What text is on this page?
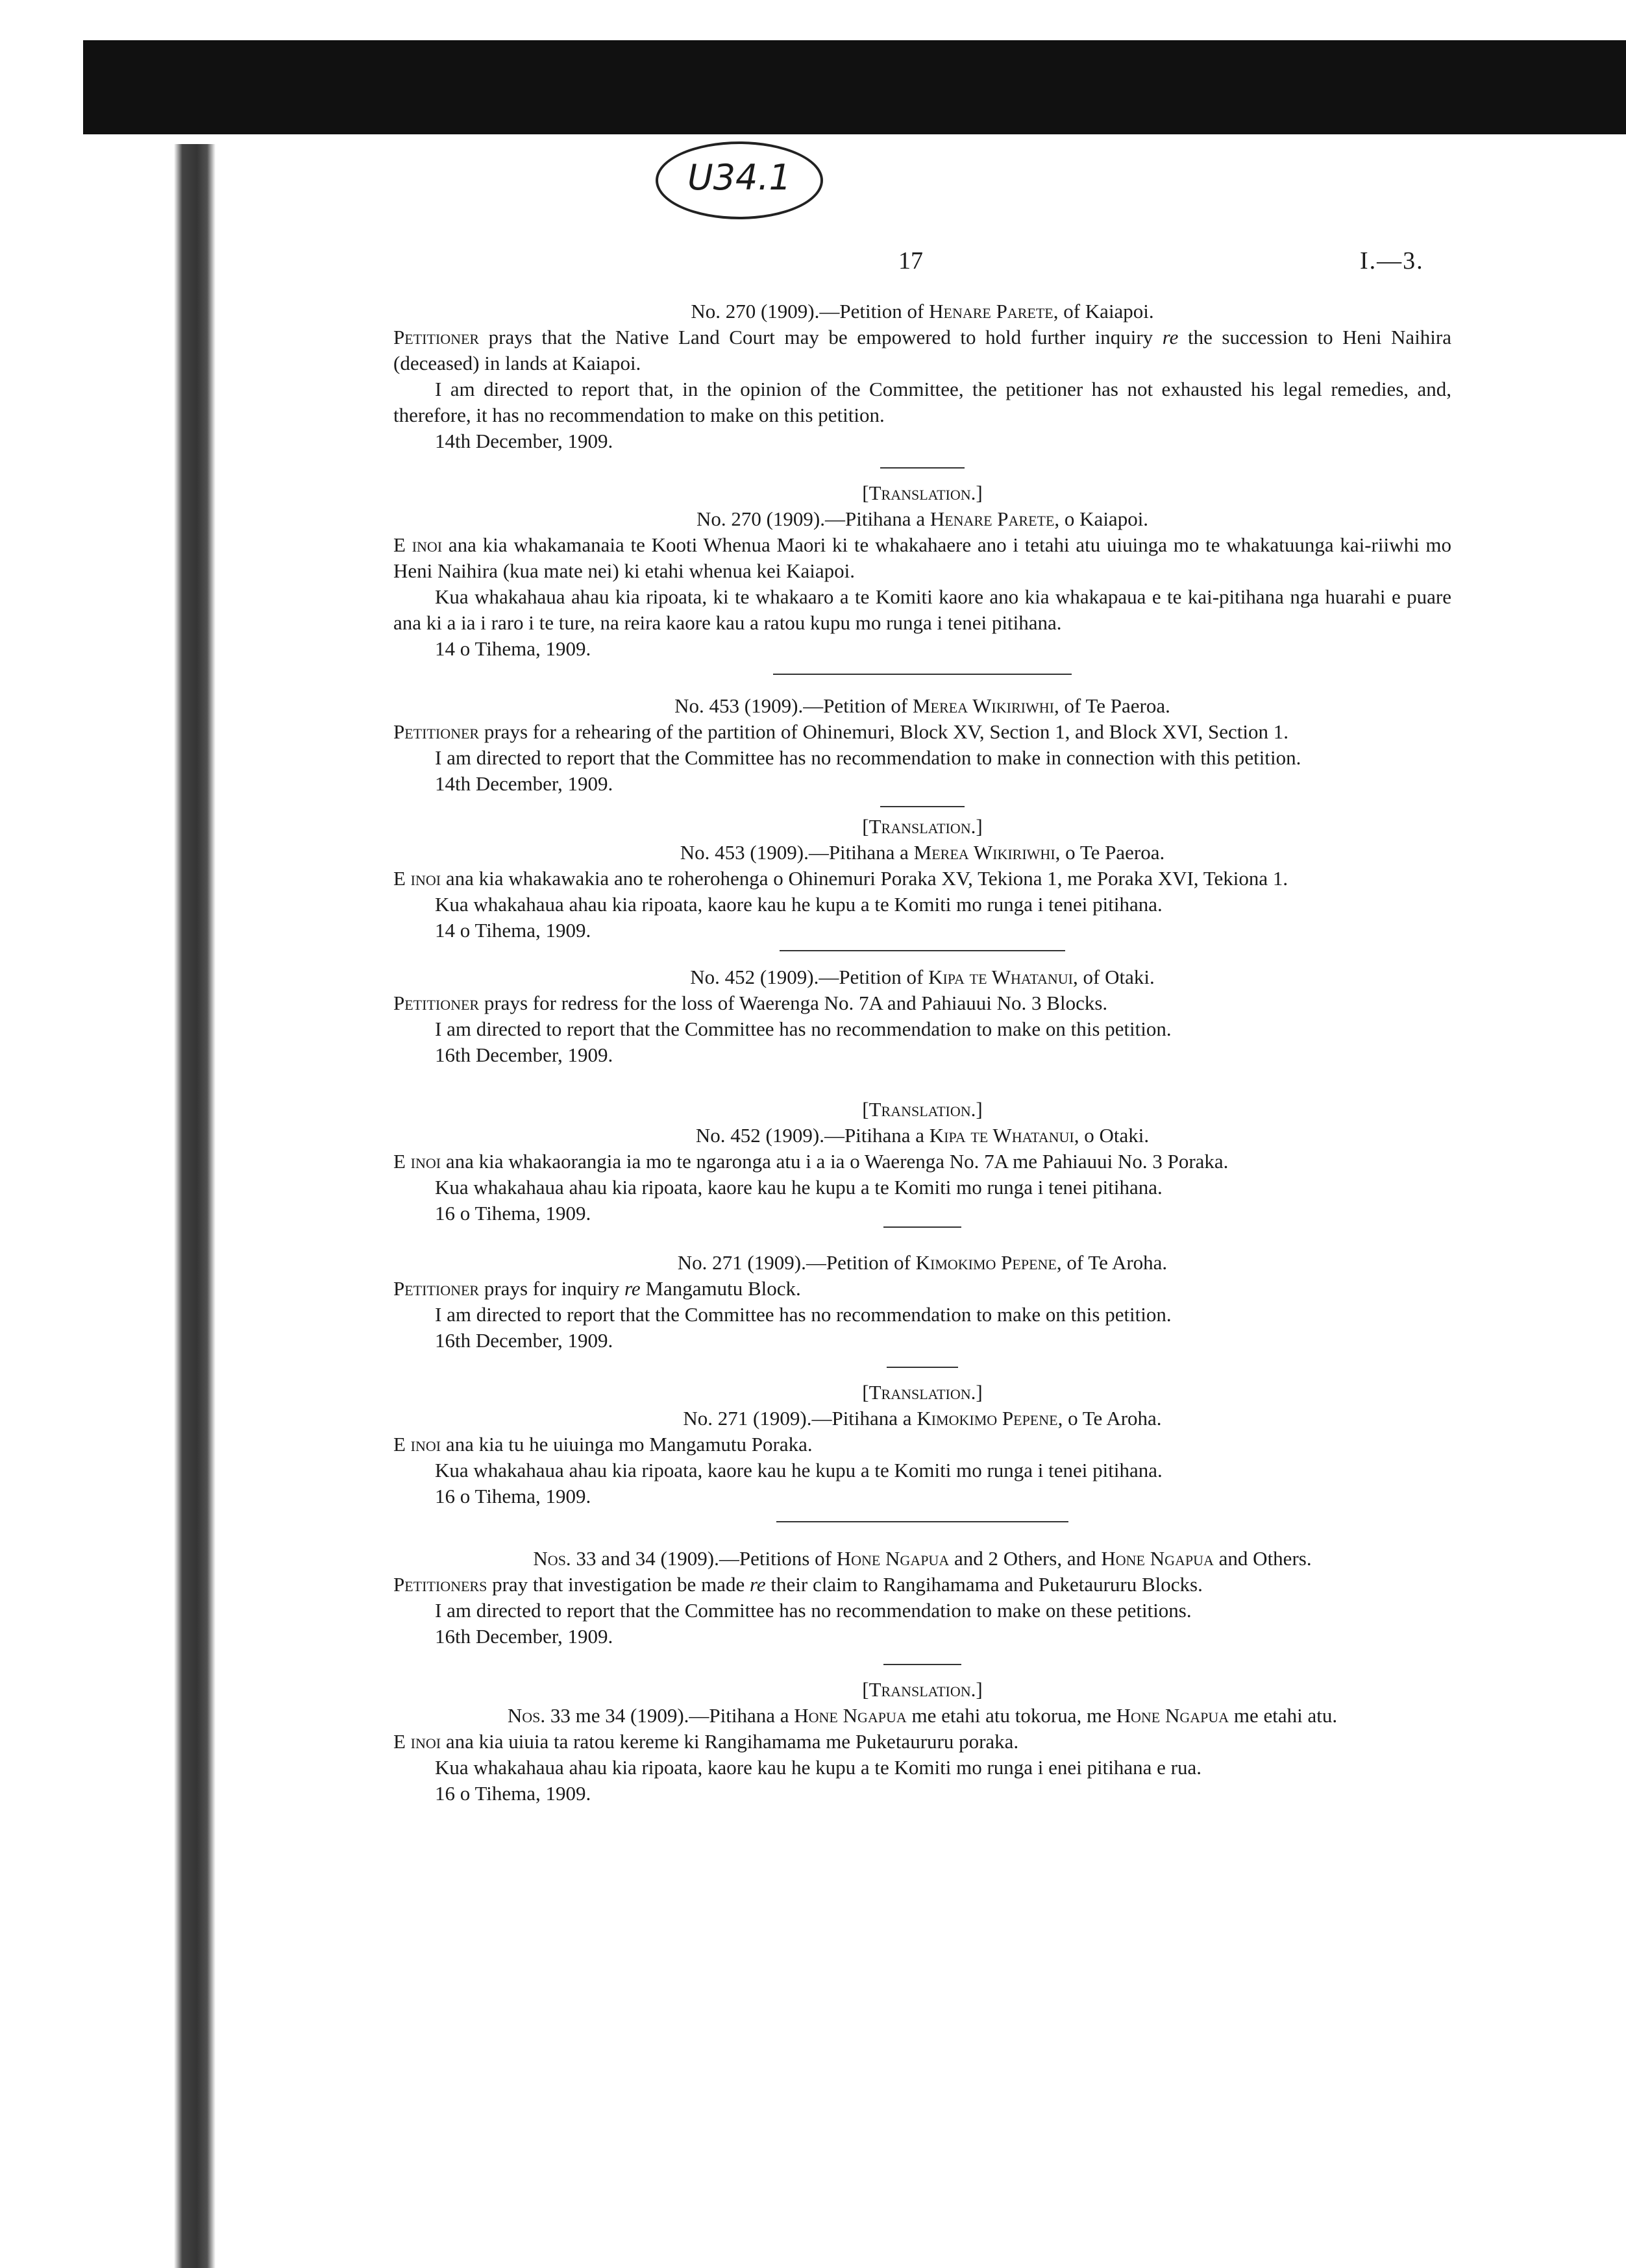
U34.1
17	I.—3.
No. 270 (1909).—Petition of Henare Parete, of Kaiapoi.
Petitioner prays that the Native Land Court may be empowered to hold further inquiry re the succession to Heni Naihira (deceased) in lands at Kaiapoi.
I am directed to report that, in the opinion of the Committee, the petitioner has not exhausted his legal remedies, and, therefore, it has no recommendation to make on this petition.
14th December, 1909.
[Translation.]
No. 270 (1909).—Pitihana a Henare Parete, o Kaiapoi.
E inoi ana kia whakamanaia te Kooti Whenua Maori ki te whakahaere ano i tetahi atu uiuinga mo te whakatuunga kai-riiwhi mo Heni Naihira (kua mate nei) ki etahi whenua kei Kaiapoi.
Kua whakahaua ahau kia ripoata, ki te whakaaro a te Komiti kaore ano kia whakapaua e te kai-pitihana nga huarahi e puare ana ki a ia i raro i te ture, na reira kaore kau a ratou kupu mo runga i tenei pitihana.
14 o Tihema, 1909.
No. 453 (1909).—Petition of Merea Wikiriwhi, of Te Paeroa.
Petitioner prays for a rehearing of the partition of Ohinemuri, Block XV, Section 1, and Block XVI, Section 1.
I am directed to report that the Committee has no recommendation to make in connection with this petition.
14th December, 1909.
[Translation.]
No. 453 (1909).—Pitihana a Merea Wikiriwhi, o Te Paeroa.
E inoi ana kia whakawakia ano te roherohenga o Ohinemuri Poraka XV, Tekiona 1, me Poraka XVI, Tekiona 1.
Kua whakahaua ahau kia ripoata, kaore kau he kupu a te Komiti mo runga i tenei pitihana.
14 o Tihema, 1909.
No. 452 (1909).—Petition of Kipa te Whatanui, of Otaki.
Petitioner prays for redress for the loss of Waerenga No. 7A and Pahiauui No. 3 Blocks.
I am directed to report that the Committee has no recommendation to make on this petition.
16th December, 1909.
[Translation.]
No. 452 (1909).—Pitihana a Kipa te Whatanui, o Otaki.
E inoi ana kia whakaorangia ia mo te ngaronga atu i a ia o Waerenga No. 7A me Pahiauui No. 3 Poraka.
Kua whakahaua ahau kia ripoata, kaore kau he kupu a te Komiti mo runga i tenei pitihana.
16 o Tihema, 1909.
No. 271 (1909).—Petition of Kimokimo Pepene, of Te Aroha.
Petitioner prays for inquiry re Mangamutu Block.
I am directed to report that the Committee has no recommendation to make on this petition.
16th December, 1909.
[Translation.]
No. 271 (1909).—Pitihana a Kimokimo Pepene, o Te Aroha.
E inoi ana kia tu he uiuinga mo Mangamutu Poraka.
Kua whakahaua ahau kia ripoata, kaore kau he kupu a te Komiti mo runga i tenei pitihana.
16 o Tihema, 1909.
Nos. 33 and 34 (1909).—Petitions of Hone Ngapua and 2 Others, and Hone Ngapua and Others.
Petitioners pray that investigation be made re their claim to Rangihamama and Puketaururu Blocks.
I am directed to report that the Committee has no recommendation to make on these petitions.
16th December, 1909.
[Translation.]
Nos. 33 me 34 (1909).—Pitihana a Hone Ngapua me etahi atu tokorua, me Hone Ngapua me etahi atu.
E inoi ana kia uiuia ta ratou kereme ki Rangihamama me Puketaururu poraka.
Kua whakahaua ahau kia ripoata, kaore kau he kupu a te Komiti mo runga i enei pitihana e rua.
16 o Tihema, 1909.
